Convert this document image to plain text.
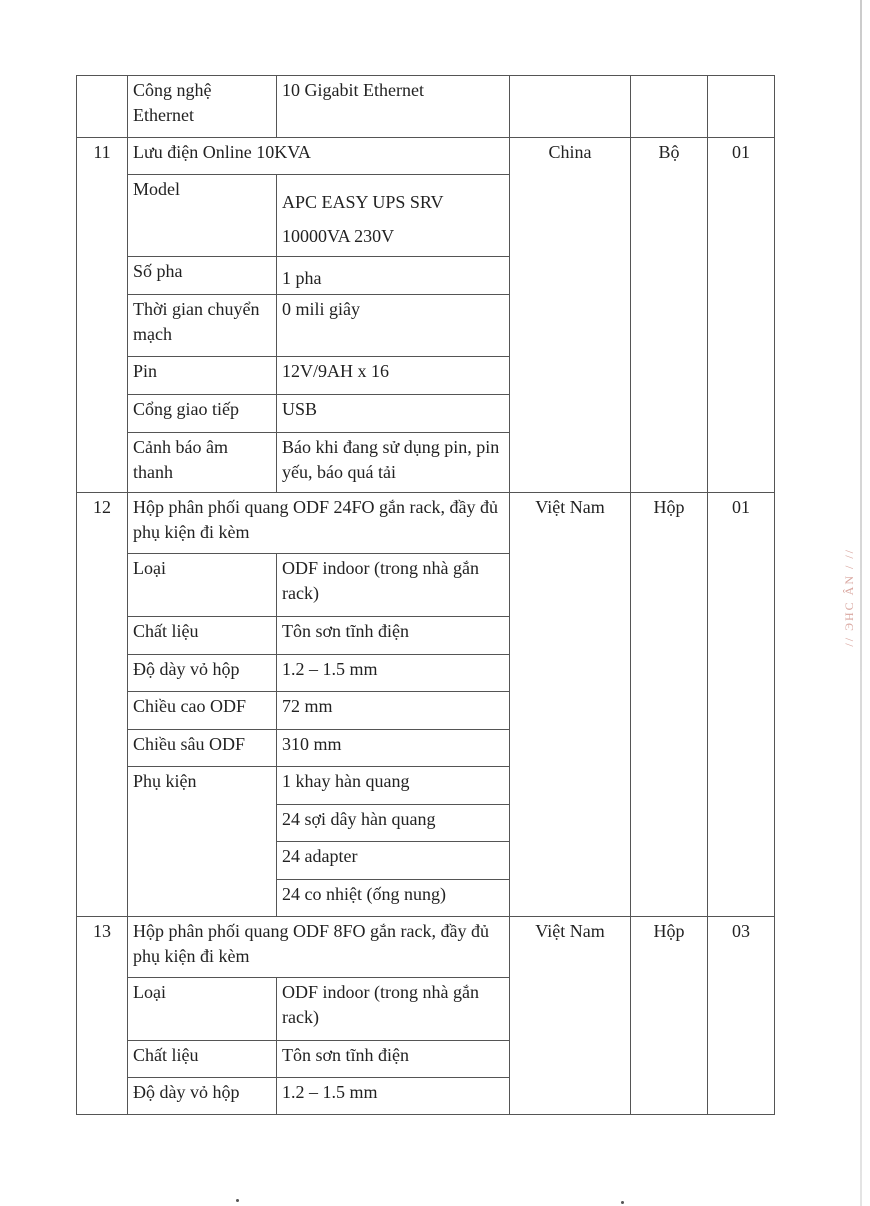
// ЭНС ÂN / //
	Công nghệ Ethernet	10 Gigabit Ethernet			
11	Lưu điện Online 10KVA		China	Bộ	01
	Model	APC EASY UPS SRV 10000VA 230V			
	Số pha	1 pha			
	Thời gian chuyển mạch	0 mili giây			
	Pin	12V/9AH x 16			
	Cổng giao tiếp	USB			
	Cảnh báo âm thanh	Báo khi đang sử dụng pin, pin yếu, báo quá tải			
12	Hộp phân phối quang ODF 24FO gắn rack, đầy đủ phụ kiện đi kèm		Việt Nam	Hộp	01
	Loại	ODF indoor (trong nhà gắn rack)			
	Chất liệu	Tôn sơn tĩnh điện			
	Độ dày vỏ hộp	1.2 – 1.5 mm			
	Chiều cao ODF	72 mm			
	Chiều sâu ODF	310 mm			
	Phụ kiện	1 khay hàn quang			
		24 sợi dây hàn quang			
		24 adapter			
		24 co nhiệt (ống nung)			
13	Hộp phân phối quang ODF 8FO gắn rack, đầy đủ phụ kiện đi kèm		Việt Nam	Hộp	03
	Loại	ODF indoor (trong nhà gắn rack)			
	Chất liệu	Tôn sơn tĩnh điện			
	Độ dày vỏ hộp	1.2 – 1.5 mm			
